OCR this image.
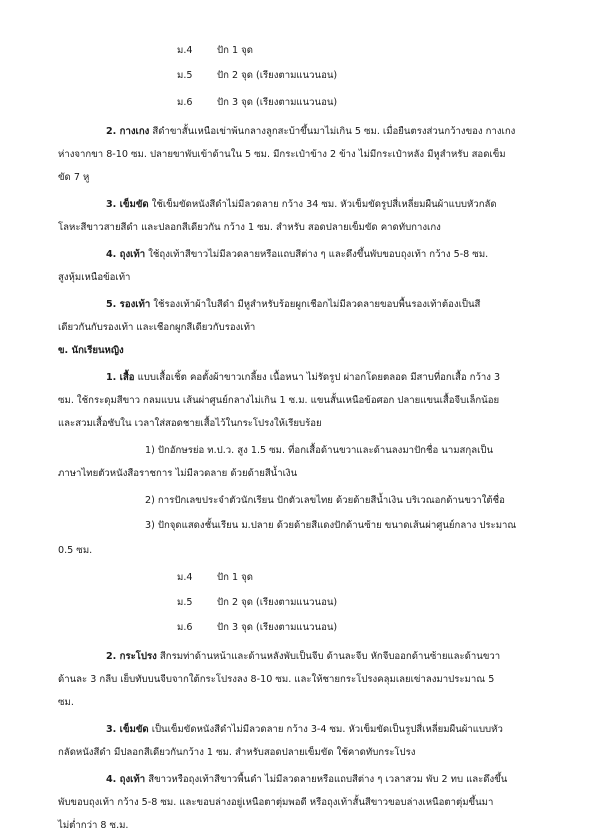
ม.4	ปัก 1 จุด
ม.5	ปัก 2 จุด (เรียงตามแนวนอน)
ม.6	ปัก 3 จุด (เรียงตามแนวนอน)
2. กางเกง สีดำขาสั้นเหนือเข่าพ้นกลางลูกสะบ้าขึ้นมาไม่เกิน 5 ซม. เมื่อยืนตรงส่วนกว้างของ กางเกง
ห่างจากขา 8-10 ซม. ปลายขาพับเข้าด้านใน 5 ซม. มีกระเป๋าข้าง 2 ข้าง ไม่มีกระเป๋าหลัง มีหูสำหรับ สอดเข็ม
ขัด 7 หู
3. เข็มขัด ใช้เข็มขัดหนังสีดำไม่มีลวดลาย กว้าง 34 ซม. หัวเข็มขัดรูปสี่เหลี่ยมผืนผ้าแบบหัวกลัด
โลหะสีขาวสายสีดำ และปลอกสีเดียวกัน กว้าง 1 ซม. สำหรับ สอดปลายเข็มขัด คาดทับกางเกง
4. ถุงเท้า ใช้ถุงเท้าสีขาวไม่มีลวดลายหรือแถบสีต่าง ๆ และดึงขึ้นพับขอบถุงเท้า กว้าง 5-8 ซม.
สูงหุ้มเหนือข้อเท้า
5. รองเท้า ใช้รองเท้าผ้าใบสีดำ มีหูสำหรับร้อยผูกเชือกไม่มีลวดลายขอบพื้นรองเท้าต้องเป็นสี
เดียวกันกับรองเท้า และเชือกผูกสีเดียวกับรองเท้า
ข. นักเรียนหญิง
1. เสื้อ แบบเสื้อเชิ้ต คอตั้งผ้าขาวเกลี้ยง เนื้อหนา ไม่รัดรูป ผ่าอกโดยตลอด มีสาบที่อกเสื้อ กว้าง 3
ซม. ใช้กระดุมสีขาว กลมแบน เส้นผ่าศูนย์กลางไม่เกิน 1 ซ.ม. แขนสั้นเหนือข้อศอก ปลายแขนเสื้อจีบเล็กน้อย
และสวมเสื้อซับใน เวลาใส่สอดชายเสื้อไว้ในกระโปรงให้เรียบร้อย
1) ปักอักษรย่อ ท.ป.ว. สูง 1.5 ซม. ที่อกเสื้อด้านขวาและด้านลงมาปักชื่อ นามสกุลเป็น
ภาษาไทยตัวหนังสือราชการ ไม่มีลวดลาย ด้วยด้ายสีน้ำเงิน
2) การปักเลขประจำตัวนักเรียน ปักตัวเลขไทย ด้วยด้ายสีน้ำเงิน บริเวณอกด้านขวาใต้ชื่อ
3) ปักจุดแสดงชั้นเรียน ม.ปลาย ด้วยด้ายสีแดงปักด้านซ้าย ขนาดเส้นผ่าศูนย์กลาง ประมาณ
0.5 ซม.
ม.4	ปัก 1 จุด
ม.5	ปัก 2 จุด (เรียงตามแนวนอน)
ม.6	ปัก 3 จุด (เรียงตามแนวนอน)
2. กระโปรง สีกรมท่าด้านหน้าและด้านหลังพับเป็นจีบ ด้านละจีบ หักจีบออกด้านซ้ายและด้านขวา
ด้านละ 3 กลีบ เย็บทับบนจีบจากใต้กระโปรงลง 8-10 ซม. และให้ชายกระโปรงคลุมเลยเข่าลงมาประมาณ 5
ซม.
3. เข็มขัด เป็นเข็มขัดหนังสีดำไม่มีลวดลาย กว้าง 3-4 ซม. หัวเข็มขัดเป็นรูปสี่เหลี่ยมผืนผ้าแบบหัว
กลัดหนังสีดำ มีปลอกสีเดียวกันกว้าง 1 ซม. สำหรับสอดปลายเข็มขัด ใช้คาดทับกระโปรง
4. ถุงเท้า สีขาวหรือถุงเท้าสีขาวพื้นดำ ไม่มีลวดลายหรือแถบสีต่าง ๆ เวลาสวม พับ 2 ทบ และดึงขึ้น
พับขอบถุงเท้า กว้าง 5-8 ซม. และขอบล่างอยู่เหนือตาตุ่มพอดี หรือถุงเท้าสั้นสีขาวขอบล่างเหนือตาตุ่มขึ้นมา
ไม่ต่ำกว่า 8 ซ.ม.
